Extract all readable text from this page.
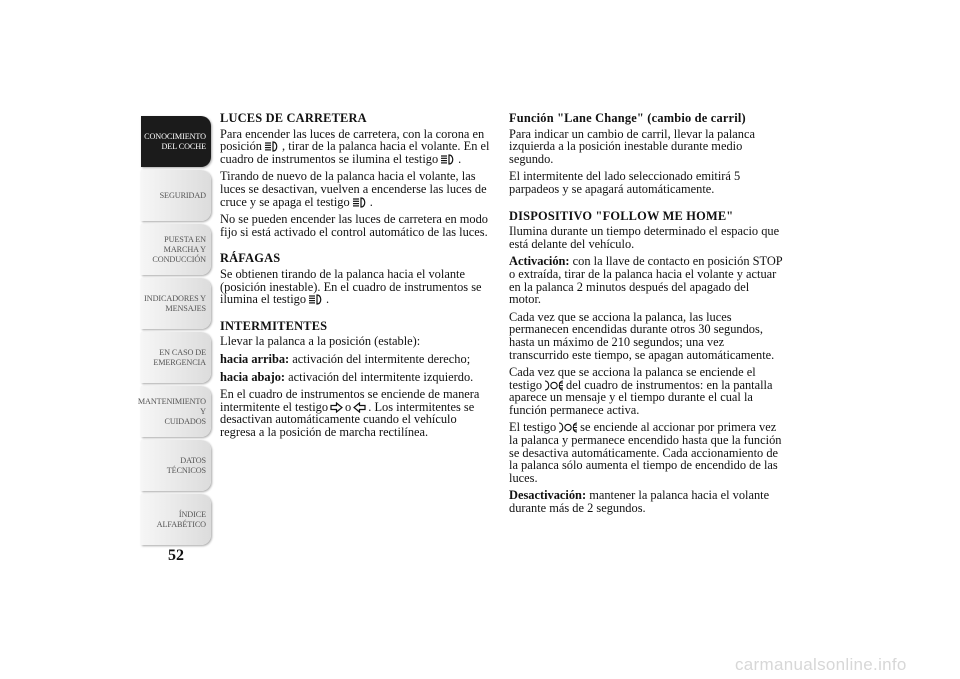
CONOCIMIENTO
DEL COCHE
SEGURIDAD
PUESTA EN
MARCHA Y
CONDUCCIÓN
INDICADORES Y
MENSAJES
EN CASO DE
EMERGENCIA
MANTENIMIENTO Y
CUIDADOS
DATOS TÉCNICOS
ÍNDICE
ALFABÉTICO
52
LUCES DE CARRETERA

Para encender las luces de carretera, con la corona en posición , tirar de la palanca hacia el volante. En el cuadro de instrumentos se ilumina el testigo .

Tirando de nuevo de la palanca hacia el volante, las luces se desactivan, vuelven a encenderse las luces de cruce y se apaga el testigo .

No se pueden encender las luces de carretera en modo fijo si está activado el control automático de las luces.

RÁFAGAS

Se obtienen tirando de la palanca hacia el volante (posición inestable). En el cuadro de instrumentos se ilumina el testigo .

INTERMITENTES

Llevar la palanca a la posición (estable):

hacia arriba: activación del intermitente derecho;

hacia abajo: activación del intermitente izquierdo.

En el cuadro de instrumentos se enciende de manera intermitente el testigo o . Los intermitentes se desactivan automáticamente cuando el vehículo regresa a la posición de marcha rectilínea.

Función "Lane Change" (cambio de carril)

Para indicar un cambio de carril, llevar la palanca izquierda a la posición inestable durante medio segundo.

El intermitente del lado seleccionado emitirá 5 parpadeos y se apagará automáticamente.

DISPOSITIVO "FOLLOW ME HOME"

Ilumina durante un tiempo determinado el espacio que está delante del vehículo.

Activación: con la llave de contacto en posición STOP o extraída, tirar de la palanca hacia el volante y actuar en la palanca 2 minutos después del apagado del motor.

Cada vez que se acciona la palanca, las luces permanecen encendidas durante otros 30 segundos, hasta un máximo de 210 segundos; una vez transcurrido este tiempo, se apagan automáticamente.

Cada vez que se acciona la palanca se enciende el testigo del cuadro de instrumentos: en la pantalla aparece un mensaje y el tiempo durante el cual la función permanece activa.

El testigo se enciende al accionar por primera vez la palanca y permanece encendido hasta que la función se desactiva automáticamente. Cada accionamiento de la palanca sólo aumenta el tiempo de encendido de las luces.

Desactivación: mantener la palanca hacia el volante durante más de 2 segundos.

carmanualsonline.info
